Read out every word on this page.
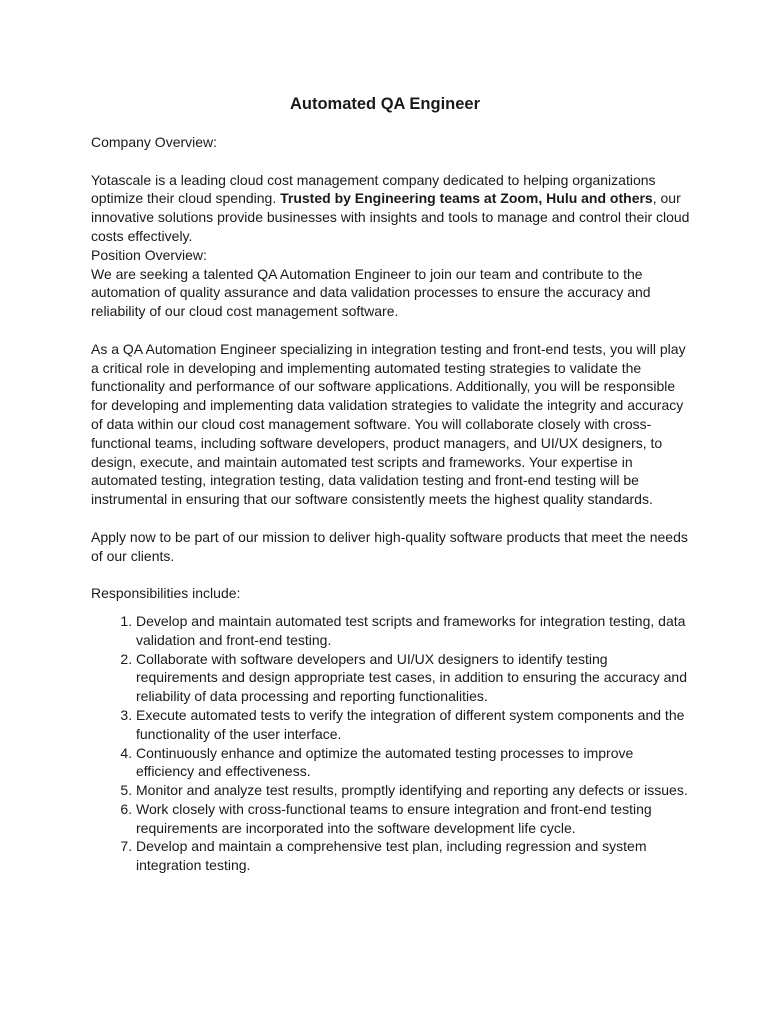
Automated QA Engineer

Company Overview:

Yotascale is a leading cloud cost management company dedicated to helping organizations optimize their cloud spending. Trusted by Engineering teams at Zoom, Hulu and others, our innovative solutions provide businesses with insights and tools to manage and control their cloud costs effectively.

Position Overview:

We are seeking a talented QA Automation Engineer to join our team and contribute to the automation of quality assurance and data validation processes to ensure the accuracy and reliability of our cloud cost management software.

As a QA Automation Engineer specializing in integration testing and front-end tests, you will play a critical role in developing and implementing automated testing strategies to validate the functionality and performance of our software applications. Additionally, you will be responsible for developing and implementing data validation strategies to validate the integrity and accuracy of data within our cloud cost management software. You will collaborate closely with cross-functional teams, including software developers, product managers, and UI/UX designers, to design, execute, and maintain automated test scripts and frameworks. Your expertise in automated testing, integration testing, data validation testing and front-end testing will be instrumental in ensuring that our software consistently meets the highest quality standards.

Apply now to be part of our mission to deliver high-quality software products that meet the needs of our clients.

Responsibilities include:

1. Develop and maintain automated test scripts and frameworks for integration testing, data validation and front-end testing.
2. Collaborate with software developers and UI/UX designers to identify testing requirements and design appropriate test cases, in addition to ensuring the accuracy and reliability of data processing and reporting functionalities.
3. Execute automated tests to verify the integration of different system components and the functionality of the user interface.
4. Continuously enhance and optimize the automated testing processes to improve efficiency and effectiveness.
5. Monitor and analyze test results, promptly identifying and reporting any defects or issues.
6. Work closely with cross-functional teams to ensure integration and front-end testing requirements are incorporated into the software development life cycle.
7. Develop and maintain a comprehensive test plan, including regression and system integration testing.
